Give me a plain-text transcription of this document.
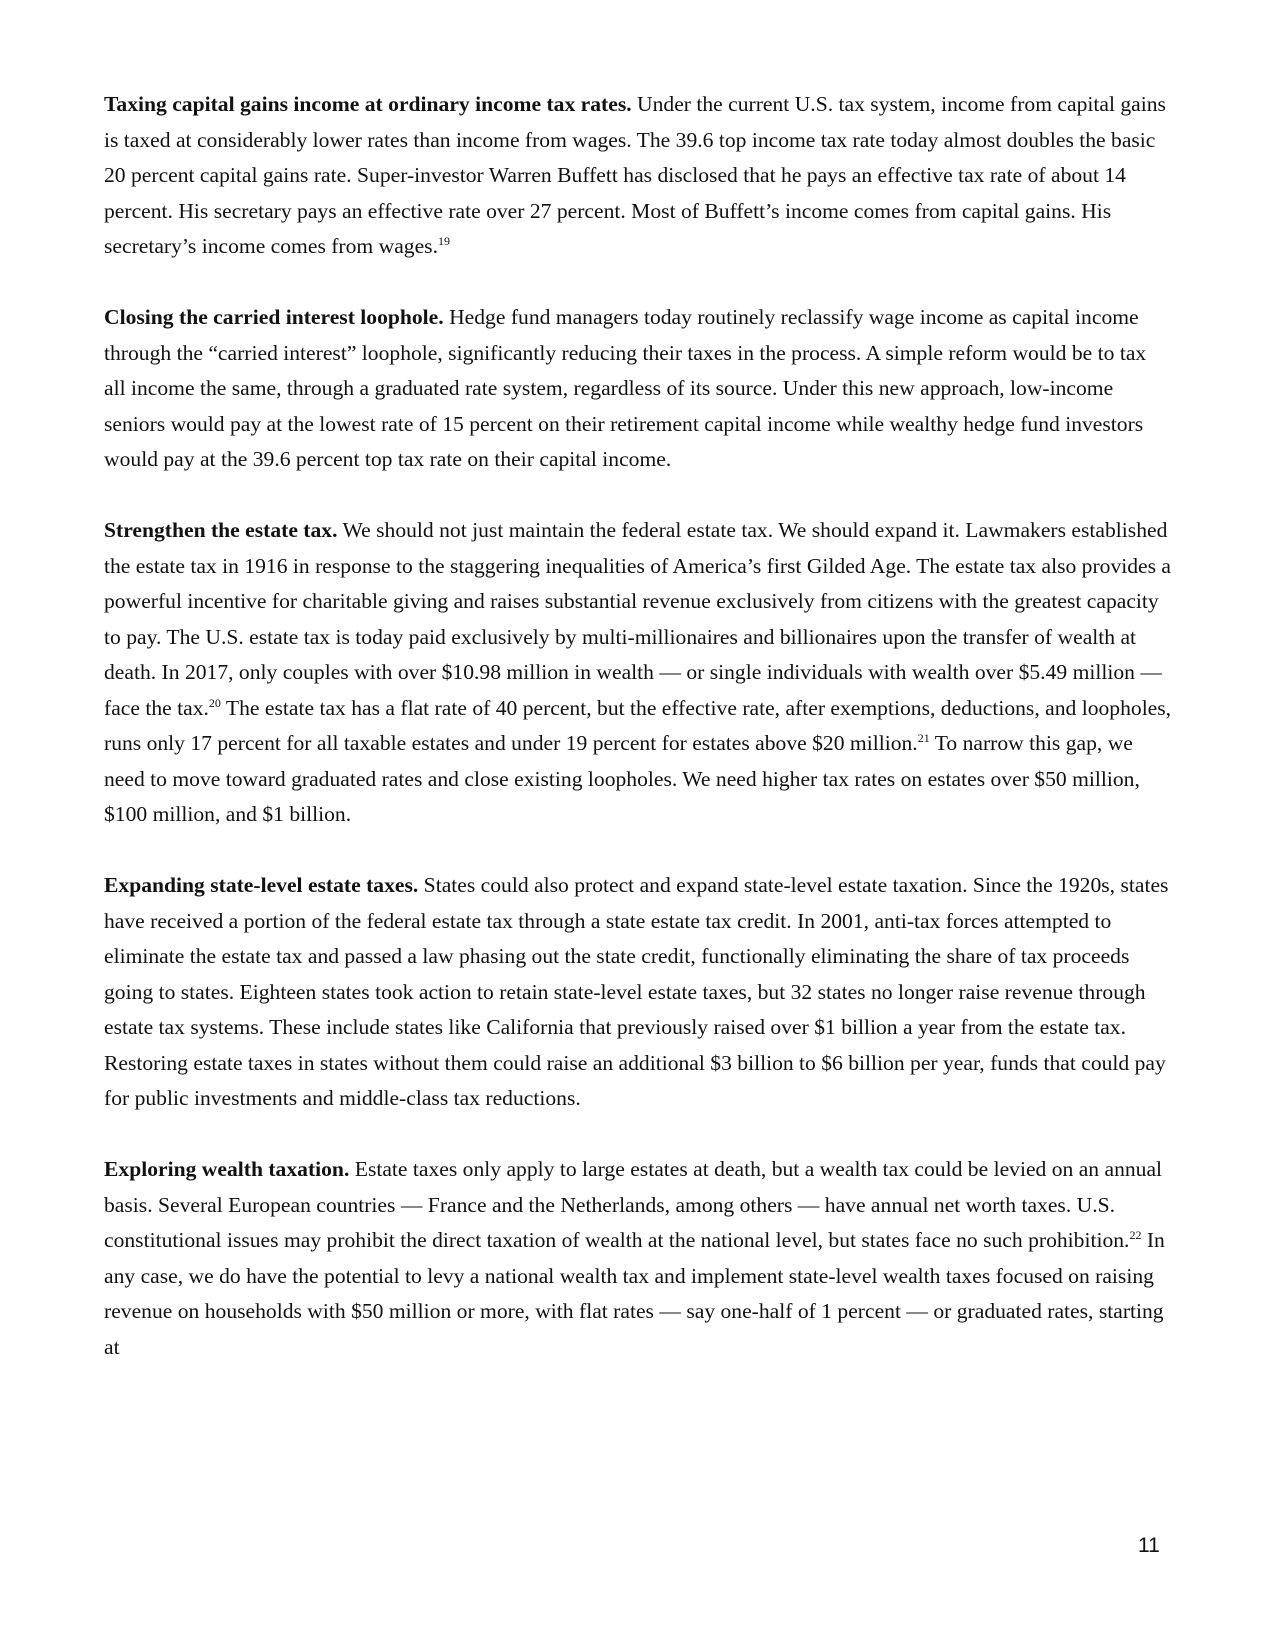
Taxing capital gains income at ordinary income tax rates. Under the current U.S. tax system, income from capital gains is taxed at considerably lower rates than income from wages. The 39.6 top income tax rate today almost doubles the basic 20 percent capital gains rate. Super-investor Warren Buffett has disclosed that he pays an effective tax rate of about 14 percent. His secretary pays an effective rate over 27 percent. Most of Buffett’s income comes from capital gains. His secretary’s income comes from wages.$^{19}$

Closing the carried interest loophole. Hedge fund managers today routinely reclassify wage income as capital income through the “carried interest” loophole, significantly reducing their taxes in the process. A simple reform would be to tax all income the same, through a graduated rate system, regardless of its source. Under this new approach, low-income seniors would pay at the lowest rate of 15 percent on their retirement capital income while wealthy hedge fund investors would pay at the 39.6 percent top tax rate on their capital income.

Strengthen the estate tax. We should not just maintain the federal estate tax. We should expand it. Lawmakers established the estate tax in 1916 in response to the staggering inequalities of America’s first Gilded Age. The estate tax also provides a powerful incentive for charitable giving and raises substantial revenue exclusively from citizens with the greatest capacity to pay. The U.S. estate tax is today paid exclusively by multi-millionaires and billionaires upon the transfer of wealth at death. In 2017, only couples with over $10.98 million in wealth — or single individuals with wealth over $5.49 million — face the tax.$^{20}$ The estate tax has a flat rate of 40 percent, but the effective rate, after exemptions, deductions, and loopholes, runs only 17 percent for all taxable estates and under 19 percent for estates above $20 million.$^{21}$ To narrow this gap, we need to move toward graduated rates and close existing loopholes. We need higher tax rates on estates over $50 million, $100 million, and $1 billion.

Expanding state-level estate taxes. States could also protect and expand state-level estate taxation. Since the 1920s, states have received a portion of the federal estate tax through a state estate tax credit. In 2001, anti-tax forces attempted to eliminate the estate tax and passed a law phasing out the state credit, functionally eliminating the share of tax proceeds going to states. Eighteen states took action to retain state-level estate taxes, but 32 states no longer raise revenue through estate tax systems. These include states like California that previously raised over $1 billion a year from the estate tax. Restoring estate taxes in states without them could raise an additional $3 billion to $6 billion per year, funds that could pay for public investments and middle-class tax reductions.

Exploring wealth taxation. Estate taxes only apply to large estates at death, but a wealth tax could be levied on an annual basis. Several European countries — France and the Netherlands, among others — have annual net worth taxes. U.S. constitutional issues may prohibit the direct taxation of wealth at the national level, but states face no such prohibition.$^{22}$ In any case, we do have the potential to levy a national wealth tax and implement state-level wealth taxes focused on raising revenue on households with $50 million or more, with flat rates — say one-half of 1 percent — or graduated rates, starting at

11
